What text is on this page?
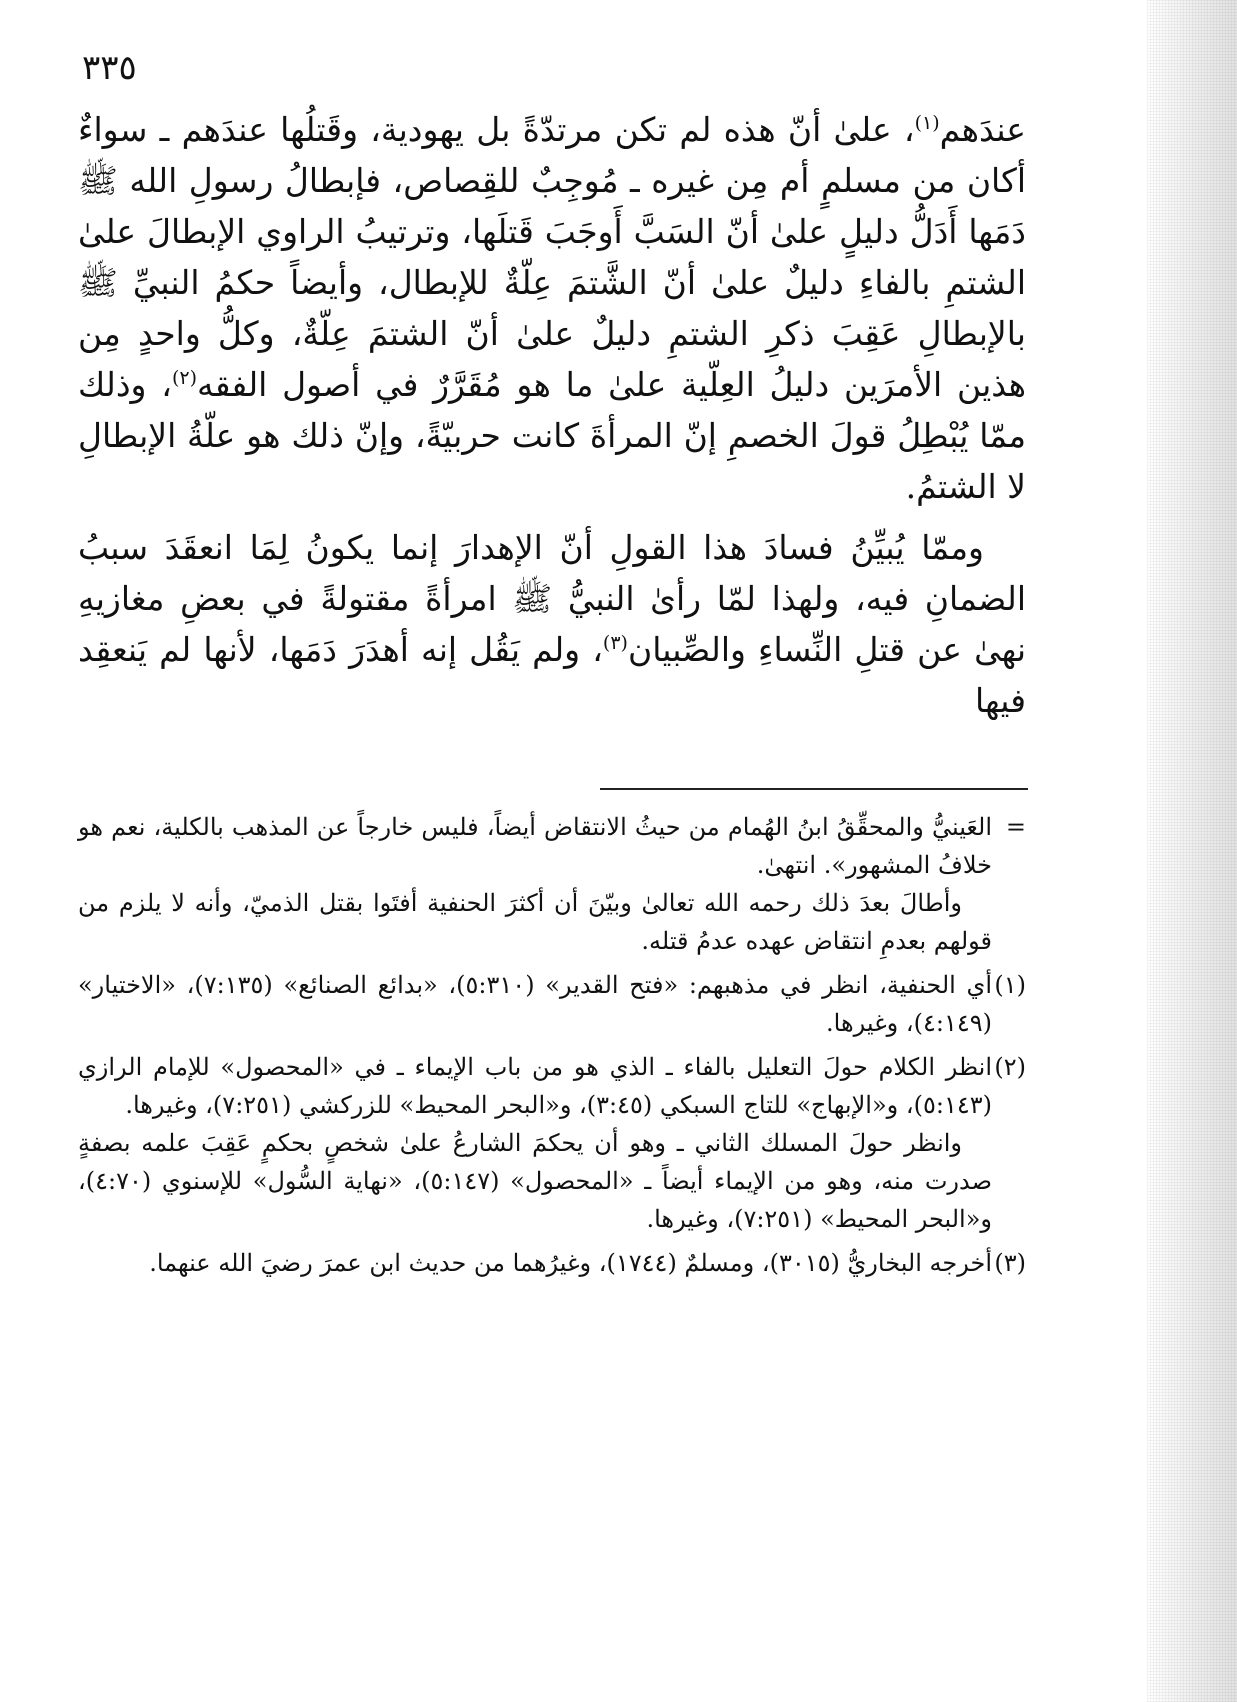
٣٣٥

عندَهم$^{(١)}$، علىٰ أنّ هذه لم تكن مرتدّةً بل يهودية، وقَتلُها عندَهم ـ سواءٌ أكان من مسلمٍ أم مِن غيره ـ مُوجِبٌ للقِصاص، فإبطالُ رسولِ الله ﷺ دَمَها أَدَلُّ دليلٍ علىٰ أنّ السَبَّ أَوجَبَ قَتلَها، وترتيبُ الراوي الإبطالَ علىٰ الشتمِ بالفاءِ دليلٌ علىٰ أنّ الشَّتمَ عِلّةٌ للإبطال، وأيضاً حكمُ النبيِّ ﷺ بالإبطالِ عَقِبَ ذكرِ الشتمِ دليلٌ علىٰ أنّ الشتمَ عِلّةٌ، وكلُّ واحدٍ مِن هذين الأمرَين دليلُ العِلّية علىٰ ما هو مُقَرَّرٌ في أصول الفقه$^{(٢)}$، وذلك ممّا يُبْطِلُ قولَ الخصمِ إنّ المرأةَ كانت حربيّةً، وإنّ ذلك هو علّةُ الإبطالِ لا الشتمُ.

وممّا يُبيِّنُ فسادَ هذا القولِ أنّ الإهدارَ إنما يكونُ لِمَا انعقَدَ سببُ الضمانِ فيه، ولهذا لمّا رأىٰ النبيُّ ﷺ امرأةً مقتولةً في بعضِ مغازيهِ نهىٰ عن قتلِ النِّساءِ والصِّبيان$^{(٣)}$، ولم يَقُل إنه أهدَرَ دَمَها، لأنها لم يَنعقِد فيها

=

العَينيُّ والمحقِّقُ ابنُ الهُمام من حيثُ الانتقاض أيضاً، فليس خارجاً عن المذهب بالكلية، نعم هو خلافُ المشهور». انتهىٰ.

وأطالَ بعدَ ذلك رحمه الله تعالىٰ وبيّنَ أن أكثرَ الحنفية أفتَوا بقتل الذميّ، وأنه لا يلزم من قولهم بعدمِ انتقاض عهده عدمُ قتله.

(١)

أي الحنفية، انظر في مذهبهم: «فتح القدير» (٥:٣١٠)، «بدائع الصنائع» (٧:١٣٥)، «الاختيار» (٤:١٤٩)، وغيرها.

(٢)

انظر الكلام حولَ التعليل بالفاء ـ الذي هو من باب الإيماء ـ في «المحصول» للإمام الرازي (٥:١٤٣)، و«الإبهاج» للتاج السبكي (٣:٤٥)، و«البحر المحيط» للزركشي (٧:٢٥١)، وغيرها.

وانظر حولَ المسلك الثاني ـ وهو أن يحكمَ الشارعُ علىٰ شخصٍ بحكمٍ عَقِبَ علمه بصفةٍ صدرت منه، وهو من الإيماء أيضاً ـ «المحصول» (٥:١٤٧)، «نهاية السُّول» للإسنوي (٤:٧٠)، و«البحر المحيط» (٧:٢٥١)، وغيرها.

(٣)

أخرجه البخاريُّ (٣٠١٥)، ومسلمٌ (١٧٤٤)، وغيرُهما من حديث ابن عمرَ رضيَ الله عنهما.
